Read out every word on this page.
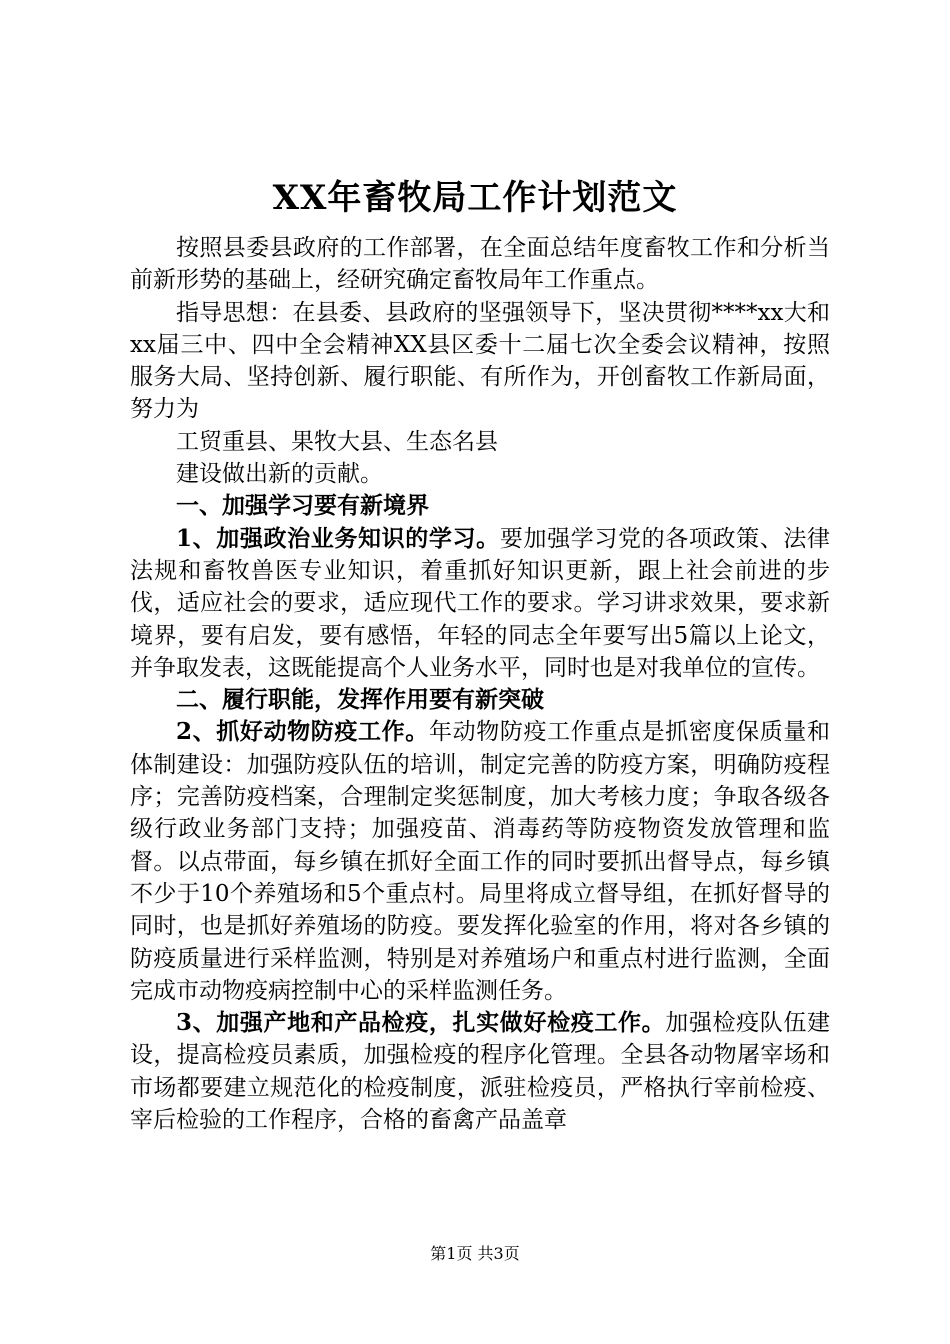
XX年畜牧局工作计划范文

按照县委县政府的工作部署，在全面总结年度畜牧工作和分析当前新形势的基础上，经研究确定畜牧局年工作重点。

指导思想：在县委、县政府的坚强领导下，坚决贯彻****xx大和xx届三中、四中全会精神XX县区委十二届七次全委会议精神，按照服务大局、坚持创新、履行职能、有所作为，开创畜牧工作新局面，努力为

工贸重县、果牧大县、生态名县

建设做出新的贡献。

一、加强学习要有新境界

1、加强政治业务知识的学习。要加强学习党的各项政策、法律法规和畜牧兽医专业知识，着重抓好知识更新，跟上社会前进的步伐，适应社会的要求，适应现代工作的要求。学习讲求效果，要求新境界，要有启发，要有感悟，年轻的同志全年要写出5篇以上论文，并争取发表，这既能提高个人业务水平，同时也是对我单位的宣传。

二、履行职能，发挥作用要有新突破

2、抓好动物防疫工作。年动物防疫工作重点是抓密度保质量和体制建设：加强防疫队伍的培训，制定完善的防疫方案，明确防疫程序；完善防疫档案，合理制定奖惩制度，加大考核力度；争取各级各级行政业务部门支持；加强疫苗、消毒药等防疫物资发放管理和监督。以点带面，每乡镇在抓好全面工作的同时要抓出督导点，每乡镇不少于10个养殖场和5个重点村。局里将成立督导组，在抓好督导的同时，也是抓好养殖场的防疫。要发挥化验室的作用，将对各乡镇的防疫质量进行采样监测，特别是对养殖场户和重点村进行监测，全面完成市动物疫病控制中心的采样监测任务。

3、加强产地和产品检疫，扎实做好检疫工作。加强检疫队伍建设，提高检疫员素质，加强检疫的程序化管理。全县各动物屠宰场和市场都要建立规范化的检疫制度，派驻检疫员，严格执行宰前检疫、宰后检验的工作程序，合格的畜禽产品盖章

第1页 共3页
